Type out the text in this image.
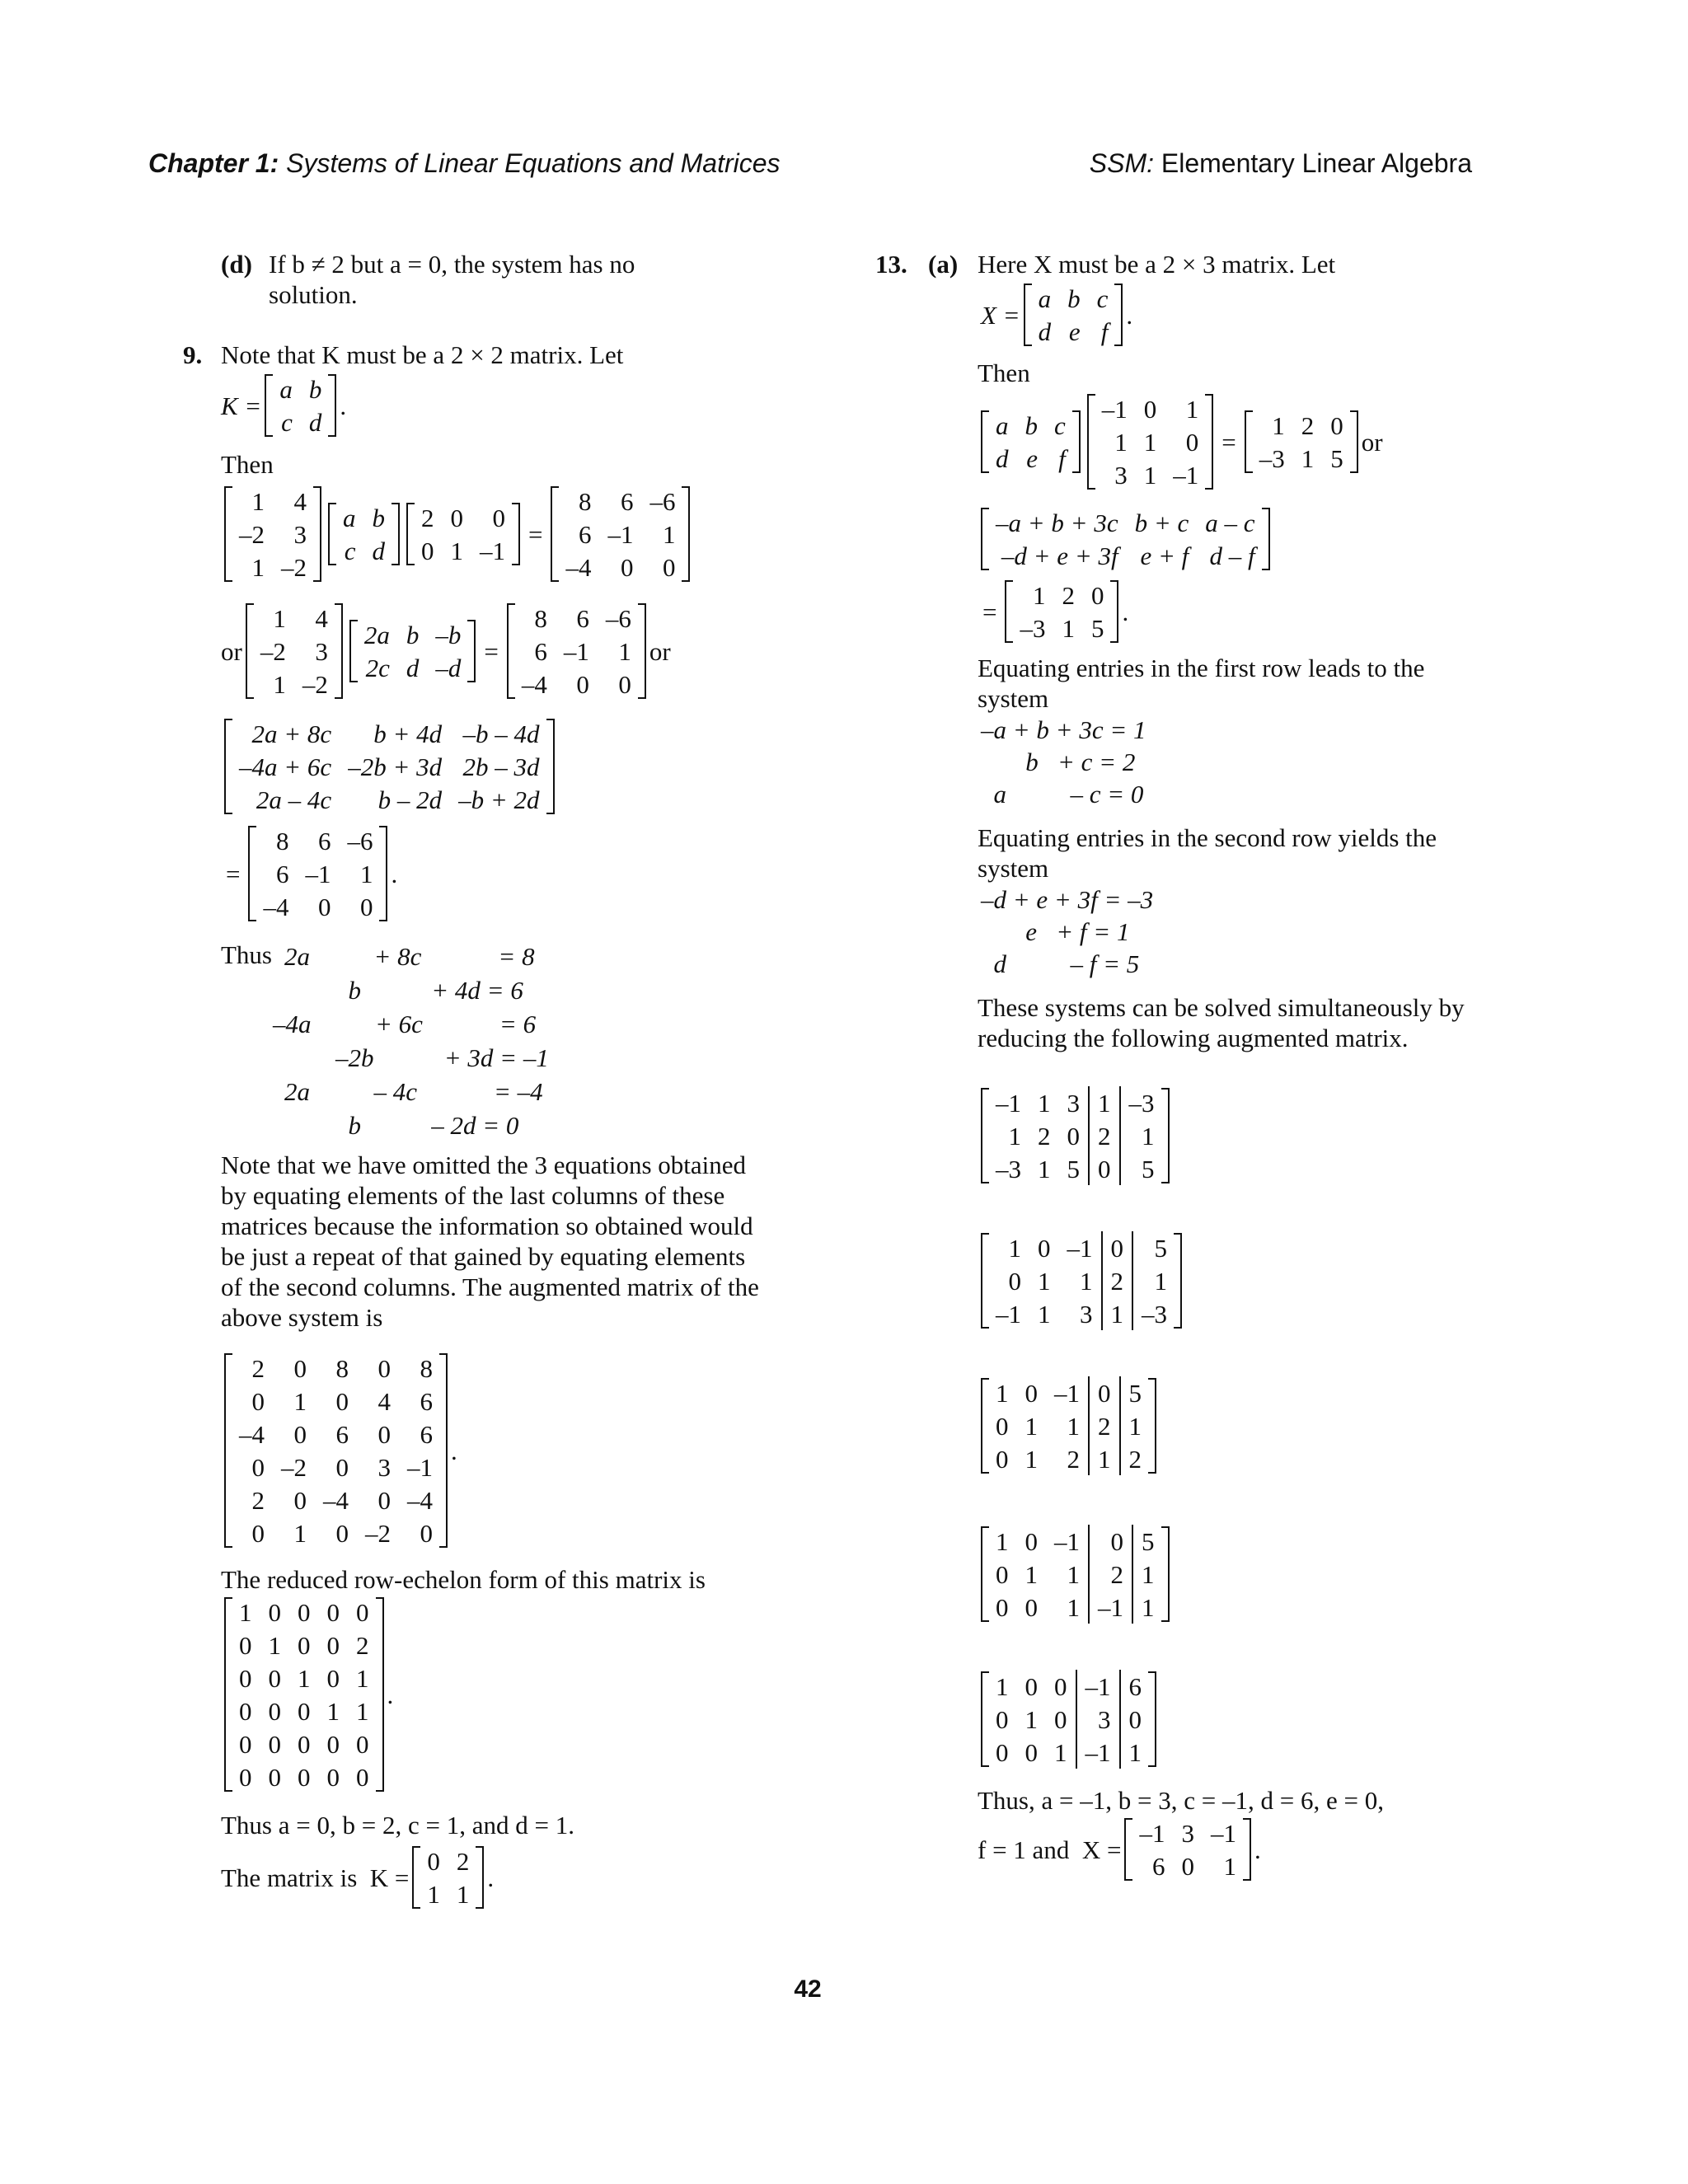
Chapter 1: Systems of Linear Equations and Matrices	SSM: Elementary Linear Algebra
(d) If b ≠ 2 but a = 0, the system has no solution.
9. Note that K must be a 2 × 2 matrix. Let
K =
a	b
c	d
.
Then
1	4
–2	3
1	–2
a	b
c	d
2	0	0
0	1	–1
=
8	6	–6
6	–1	1
–4	0	0
or
1	4
–2	3
1	–2
2a	b	–b
2c	d	–d
=
8	6	–6
6	–1	1
–4	0	0
or
2a + 8c	b + 4d	–b – 4d
–4a + 6c	–2b + 3d	2b – 3d
2a – 4c	b – 2d	–b + 2d
=
8	6	–6
6	–1	1
–4	0	0
.
Thus 2a          + 8c            = 8
b           + 4d = 6
–4a          + 6c            = 6
–2b           + 3d = –1
2a          – 4c            = –4
b           – 2d = 0
Note that we have omitted the 3 equations obtained by equating elements of the last columns of these matrices because the information so obtained would be just a repeat of that gained by equating elements of the second columns. The augmented matrix of the above system is
2	0	8	0	8
0	1	0	4	6
–4	0	6	0	6
0	–2	0	3	–1
2	0	–4	0	–4
0	1	0	–2	0
.
The reduced row-echelon form of this matrix is
1	0	0	0	0
0	1	0	0	2
0	0	1	0	1
0	0	0	1	1
0	0	0	0	0
0	0	0	0	0
.
Thus a = 0, b = 2, c = 1, and d = 1.
The matrix is  K =
0	2
1	1
.
13. (a) Here X must be a 2 × 3 matrix. Let
X =
a	b	c
d	e	f
.
Then
a	b	c
d	e	f
–1	0	1
1	1	0
3	1	–1
=
1	2	0
–3	1	5
or
–a + b + 3c	b + c	a – c
–d + e + 3f	e + f	d – f
=
1	2	0
–3	1	5
.
Equating entries in the first row leads to the system
–a + b + 3c = 1
b   + c = 2
a          – c = 0
Equating entries in the second row yields the system
–d + e + 3f = –3
e   + f = 1
d          – f = 5
These systems can be solved simultaneously by reducing the following augmented matrix.
–1	1	3	1	–3
1	2	0	2	1
–3	1	5	0	5
1	0	–1	0	5
0	1	1	2	1
–1	1	3	1	–3
1	0	–1	0	5
0	1	1	2	1
0	1	2	1	2
1	0	–1	0	5
0	1	1	2	1
0	0	1	–1	1
1	0	0	–1	6
0	1	0	3	0
0	0	1	–1	1
Thus, a = –1, b = 3, c = –1, d = 6, e = 0,
f = 1 and  X =
–1	3	–1
6	0	1
.
42
